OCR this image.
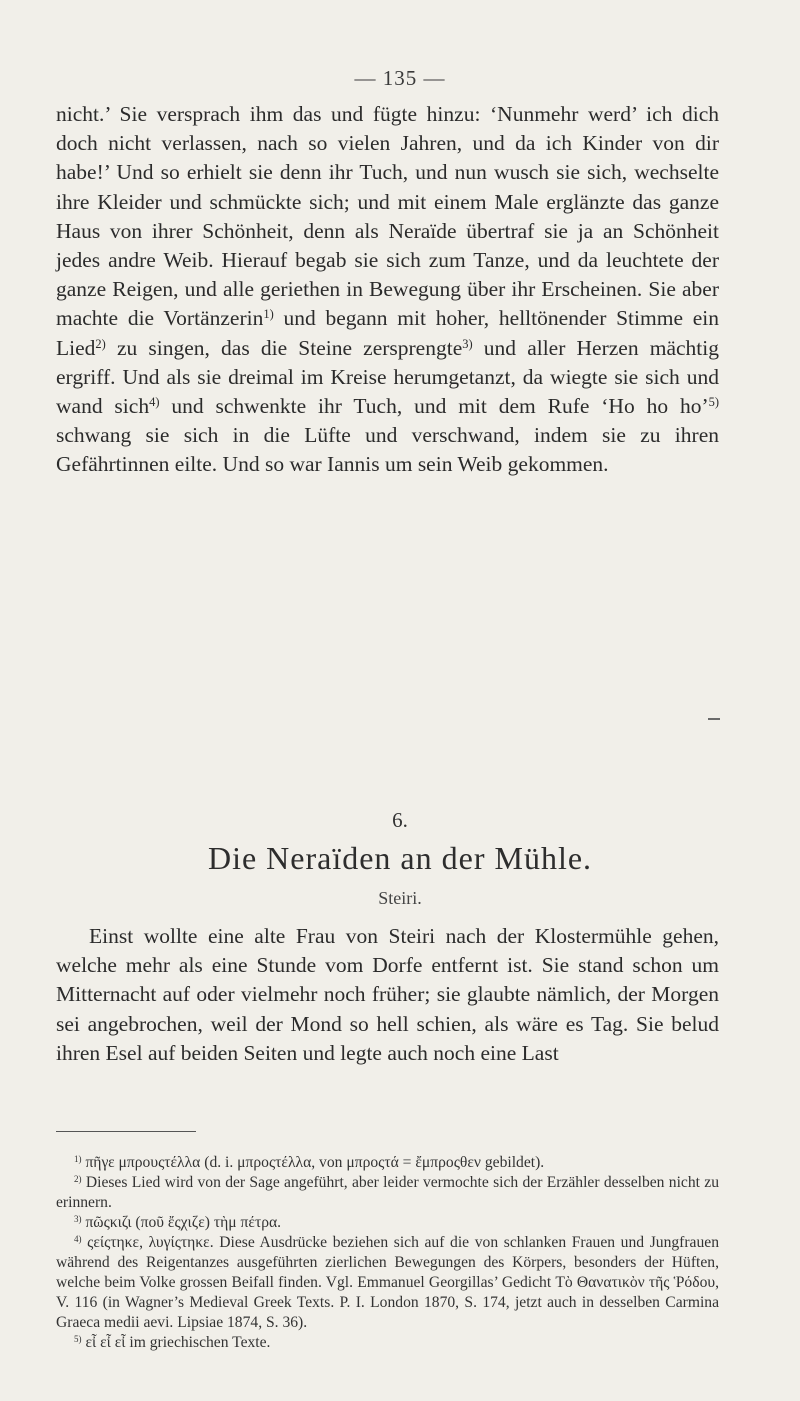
— 135 —

nicht.’ Sie versprach ihm das und fügte hinzu: ‘Nunmehr werd’ ich dich doch nicht verlassen, nach so vielen Jahren, und da ich Kinder von dir habe!’ Und so erhielt sie denn ihr Tuch, und nun wusch sie sich, wechselte ihre Kleider und schmückte sich; und mit einem Male erglänzte das ganze Haus von ihrer Schönheit, denn als Neraïde übertraf sie ja an Schönheit jedes andre Weib. Hierauf begab sie sich zum Tanze, und da leuchtete der ganze Reigen, und alle geriethen in Bewegung über ihr Erscheinen. Sie aber machte die Vortänzerin$^{1)}$ und begann mit hoher, helltönender Stimme ein Lied$^{2)}$ zu singen, das die Steine zersprengte$^{3)}$ und aller Herzen mächtig ergriff. Und als sie dreimal im Kreise herumgetanzt, da wiegte sie sich und wand sich$^{4)}$ und schwenkte ihr Tuch, und mit dem Rufe ‘Ho ho ho’$^{5)}$ schwang sie sich in die Lüfte und verschwand, indem sie zu ihren Gefährtinnen eilte. Und so war Iannis um sein Weib gekommen.

6.
Die Neraïden an der Mühle.
Steiri.

Einst wollte eine alte Frau von Steiri nach der Klostermühle gehen, welche mehr als eine Stunde vom Dorfe entfernt ist. Sie stand schon um Mitternacht auf oder vielmehr noch früher; sie glaubte nämlich, der Morgen sei angebrochen, weil der Mond so hell schien, als wäre es Tag. Sie belud ihren Esel auf beiden Seiten und legte auch noch eine Last

$^{1)}$ πῆγε μπρουςτέλλα (d. i. μπροςτέλλα, von μπροςτά = ἔμπροςθεν gebildet).

$^{2)}$ Dieses Lied wird von der Sage angeführt, aber leider vermochte sich der Erzähler desselben nicht zu erinnern.

$^{3)}$ πῶςκιζι (ποῦ ἔςχιζε) τὴμ πέτρα.

$^{4)}$ ςείςτηκε, λυγίςτηκε. Diese Ausdrücke beziehen sich auf die von schlanken Frauen und Jungfrauen während des Reigentanzes ausgeführten zierlichen Bewegungen des Körpers, besonders der Hüften, welche beim Volke grossen Beifall finden. Vgl. Emmanuel Georgillas’ Gedicht Τὸ Θανατικὸν τῆς Ῥόδου, V. 116 (in Wagner’s Medieval Greek Texts. P. I. London 1870, S. 174, jetzt auch in desselben Carmina Graeca medii aevi. Lipsiae 1874, S. 36).

$^{5)}$ εἶ εἶ εἶ im griechischen Texte.
